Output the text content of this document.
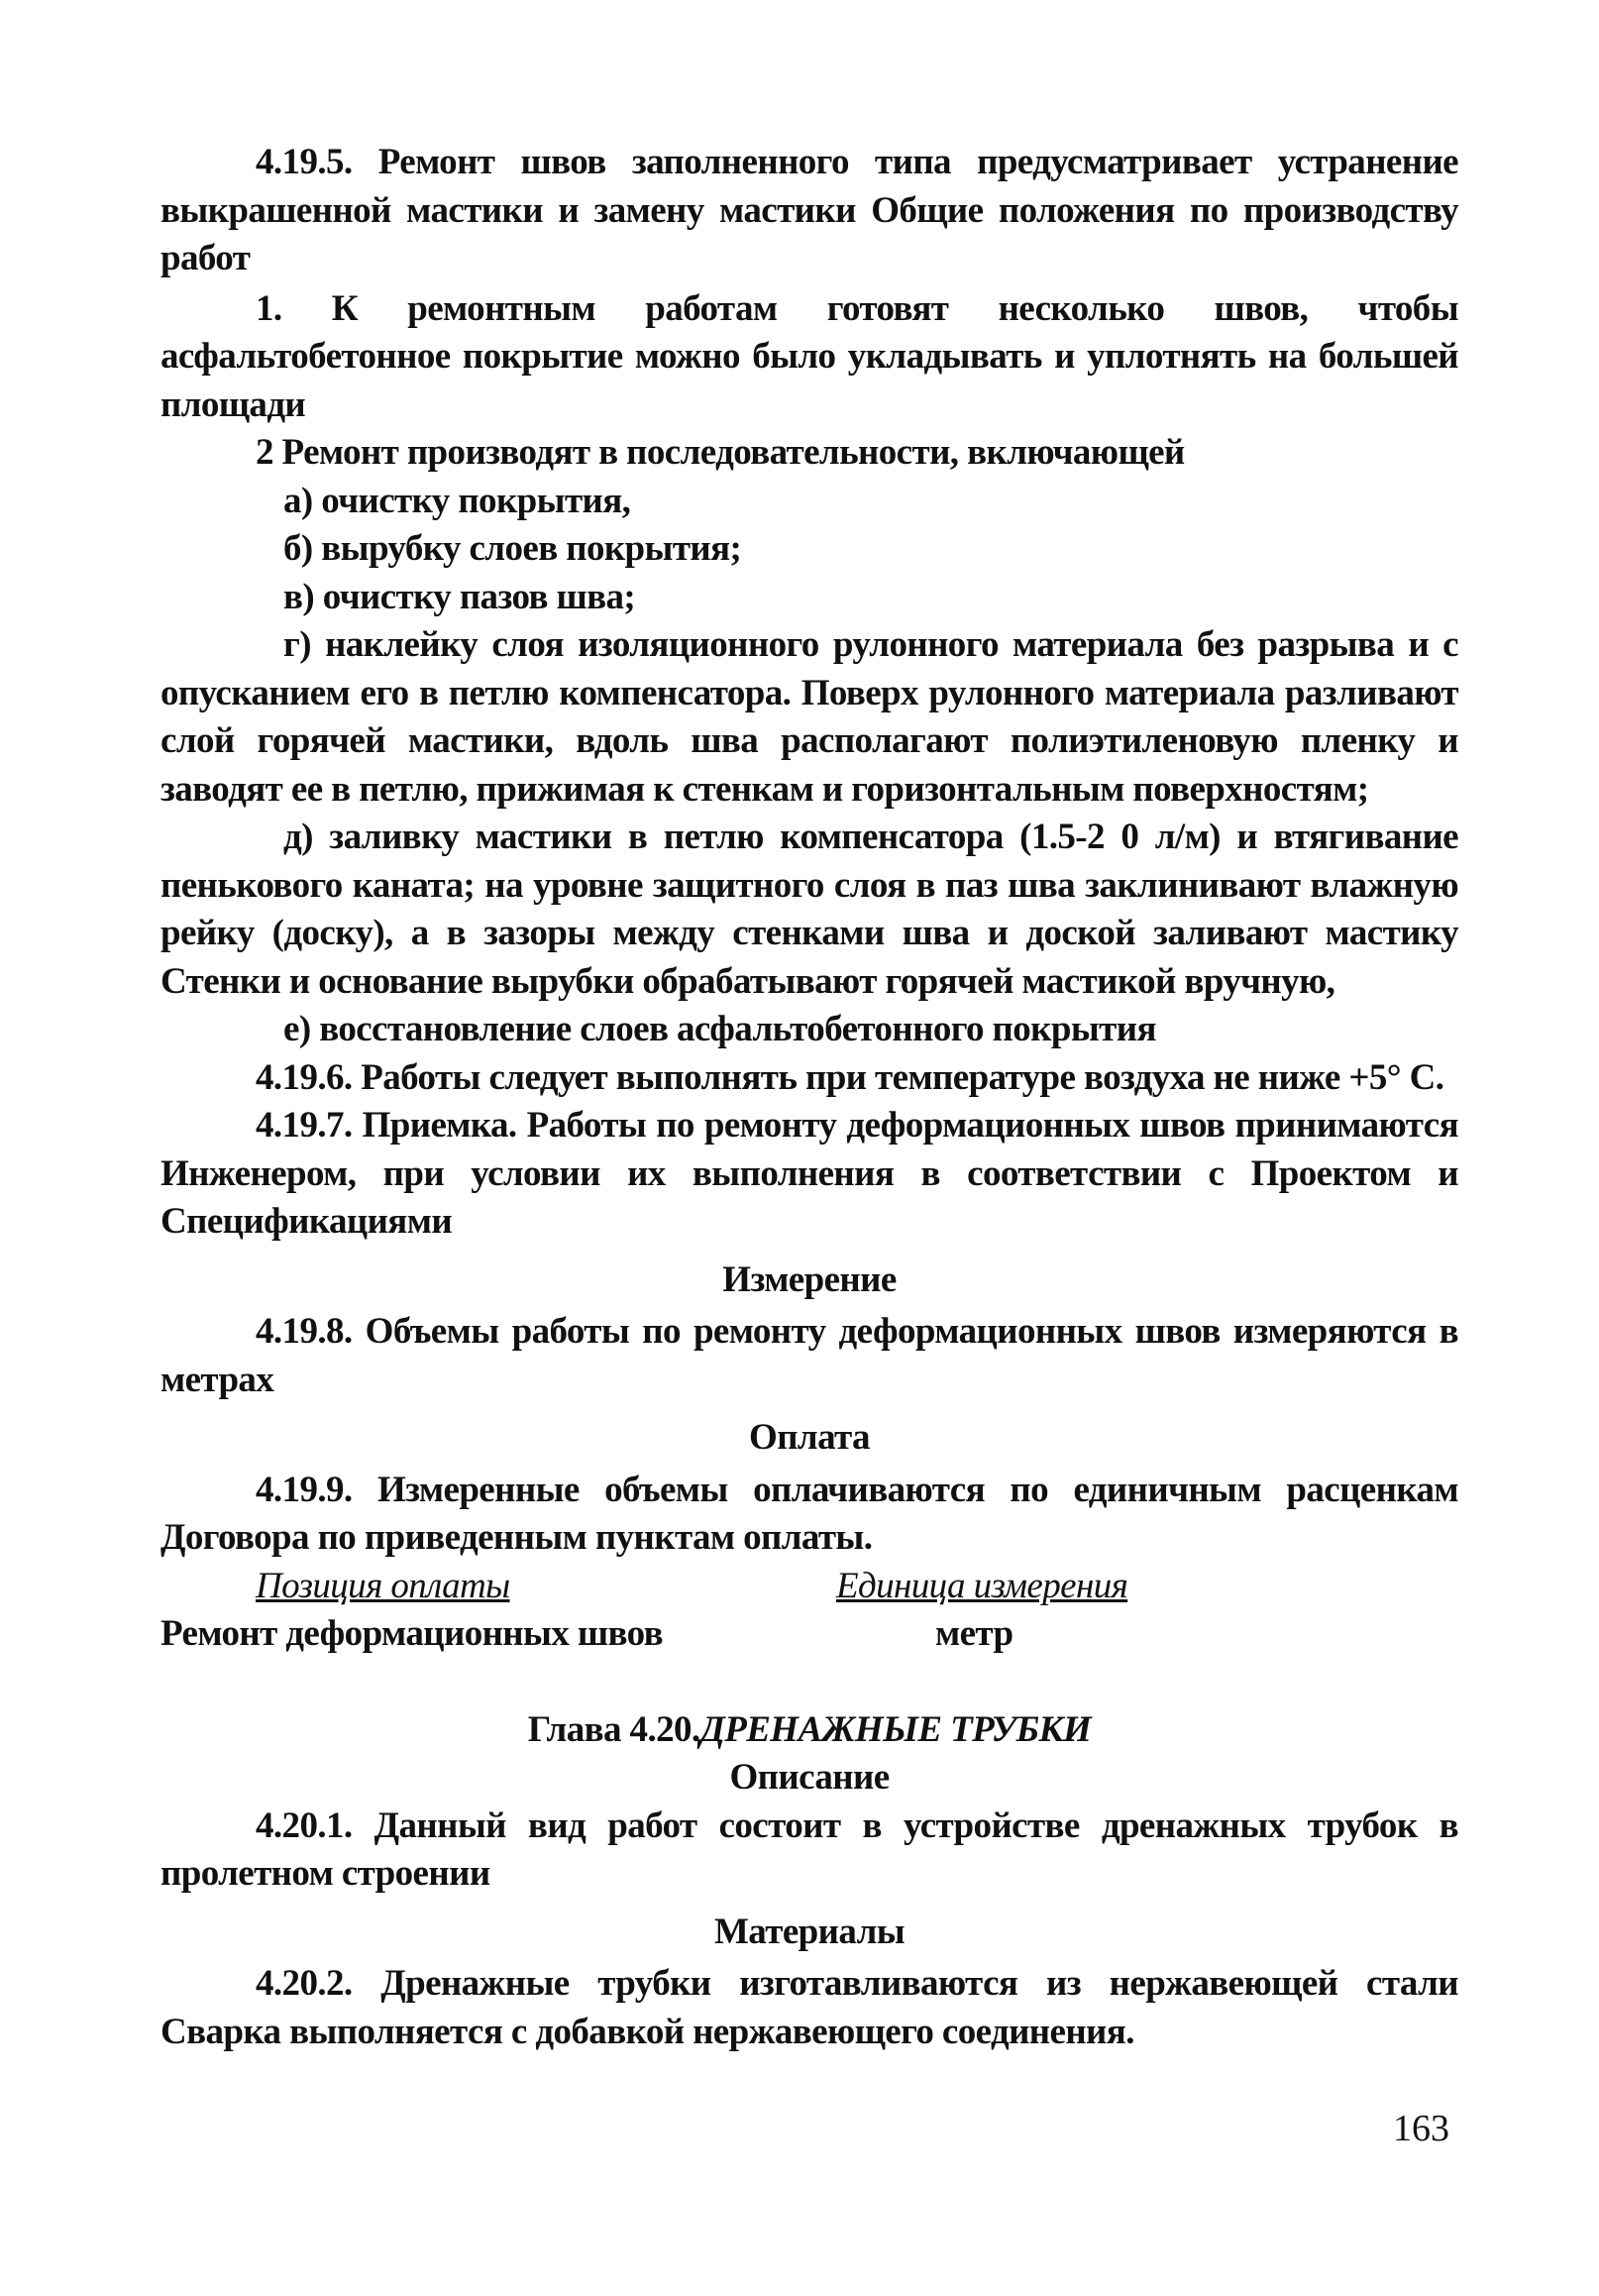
4.19.5. Ремонт швов заполненного типа предусматривает устранение выкрашенной мастики и замену мастики Общие положения по производству работ

1. К ремонтным работам готовят несколько швов, чтобы асфальтобетонное покрытие можно было укладывать и уплотнять на большей площади

2 Ремонт производят в последовательности, включающей

а) очистку покрытия,

б) вырубку слоев покрытия;

в) очистку пазов шва;

г) наклейку слоя изоляционного рулонного материала без разрыва и с опусканием его в петлю компенсатора. Поверх рулонного материала разливают слой горячей мастики, вдоль шва располагают полиэтиленовую пленку и заводят ее в петлю, прижимая к стенкам и горизонтальным поверхностям;

д) заливку мастики в петлю компенсатора (1.5-2 0 л/м) и втягивание пенькового каната; на уровне защитного слоя в паз шва заклинивают влажную рейку (доску), а в зазоры между стенками шва и доской заливают мастику Стенки и основание вырубки обрабатывают горячей мастикой вручную,

е) восстановление слоев асфальтобетонного покрытия

4.19.6. Работы следует выполнять при температуре воздуха не ниже +5° С.

4.19.7. Приемка. Работы по ремонту деформационных швов принимаются Инженером, при условии их выполнения в соответствии с Проектом и Спецификациями

Измерение

4.19.8. Объемы работы по ремонту деформационных швов измеряются в метрах

Оплата

4.19.9. Измеренные объемы оплачиваются по единичным расценкам Договора по приведенным пунктам оплаты.

Позиция оплаты	Единица измерения
Ремонт деформационных швов	метр

Глава 4.20.ДРЕНАЖНЫЕ ТРУБКИ

Описание

4.20.1. Данный вид работ состоит в устройстве дренажных трубок в пролетном строении

Материалы

4.20.2. Дренажные трубки изготавливаются из нержавеющей стали Сварка выполняется с добавкой нержавеющего соединения.

163
